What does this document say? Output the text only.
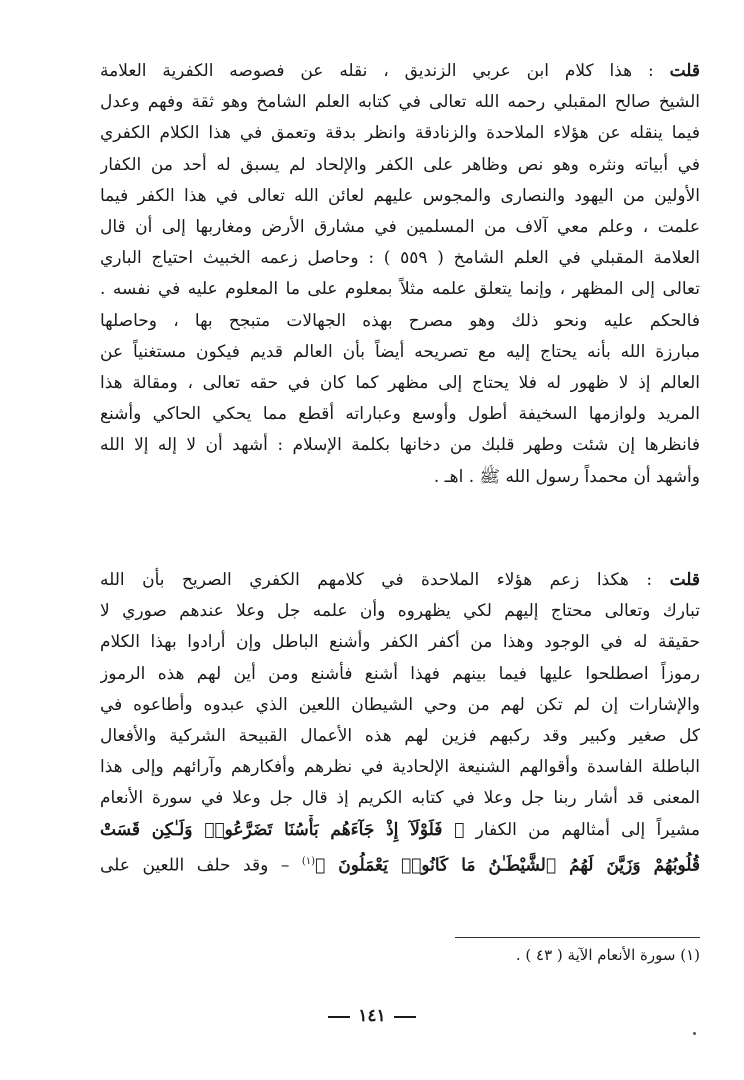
قلت : هذا كلام ابن عربي الزنديق ، نقله عن فصوصه الكفرية العلامة
الشيخ صالح المقبلي رحمه الله تعالى في كتابه العلم الشامخ وهو ثقة وفهم وعدل
فيما ينقله عن هؤلاء الملاحدة والزنادقة وانظر بدقة وتعمق في هذا الكلام الكفري
في أبياته ونثره وهو نص وظاهر على الكفر والإلحاد لم يسبق له أحد من الكفار
الأولين من اليهود والنصارى والمجوس عليهم لعائن الله تعالى في هذا الكفر فيما
علمت ، وعلم معي آلاف من المسلمين في مشارق الأرض ومغاربها إلى أن قال
العلامة المقبلي في العلم الشامخ ( ٥٥٩ ) : وحاصل زعمه الخبيث احتياج الباري
تعالى إلى المظهر ، وإنما يتعلق علمه مثلاً بمعلوم على ما المعلوم عليه في نفسه .
فالحكم عليه ونحو ذلك وهو مصرح بهذه الجهالات متبجح بها ، وحاصلها
مبارزة الله بأنه يحتاج إليه مع تصريحه أيضاً بأن العالم قديم فيكون مستغنياً عن
العالم إذ لا ظهور له فلا يحتاج إلى مظهر كما كان في حقه تعالى ، ومقالة هذا
المريد ولوازمها السخيفة أطول وأوسع وعباراته أقطع مما يحكي الحاكي وأشنع
فانظرها إن شئت وطهر قلبك من دخانها بكلمة الإسلام : أشهد أن لا إله إلا الله
وأشهد أن محمداً رسول الله ﷺ . اهـ .
قلت : هكذا زعم هؤلاء الملاحدة في كلامهم الكفري الصريح بأن الله
تبارك وتعالى محتاج إليهم لكي يظهروه وأن علمه جل وعلا عندهم صوري لا
حقيقة له في الوجود وهذا من أكفر الكفر وأشنع الباطل وإن أرادوا بهذا الكلام
رموزاً اصطلحوا عليها فيما بينهم فهذا أشنع فأشنع ومن أين لهم هذه الرموز
والإشارات إن لم تكن لهم من وحي الشيطان اللعين الذي عبدوه وأطاعوه في
كل صغير وكبير وقد ركبهم فزين لهم هذه الأعمال القبيحة الشركية والأفعال
الباطلة الفاسدة وأقوالهم الشنيعة الإلحادية في نظرهم وأفكارهم وآرائهم وإلى هذا
المعنى قد أشار ربنا جل وعلا في كتابه الكريم إذ قال جل وعلا في سورة الأنعام
مشيراً إلى أمثالهم من الكفار ﴿ فَلَوْلَآ إِذْ جَآءَهُم بَأْسُنَا تَضَرَّعُوا۟ وَلَـٰكِن قَسَتْ
قُلُوبُهُمْ وَزَيَّنَ لَهُمُ ٱلشَّيْطَـٰنُ مَا كَانُوا۟ يَعْمَلُونَ ﴾$^{(١)}$ – وقد حلف اللعين على
(١) سورة الأنعام الآية ( ٤٣ ) .
١٤١
